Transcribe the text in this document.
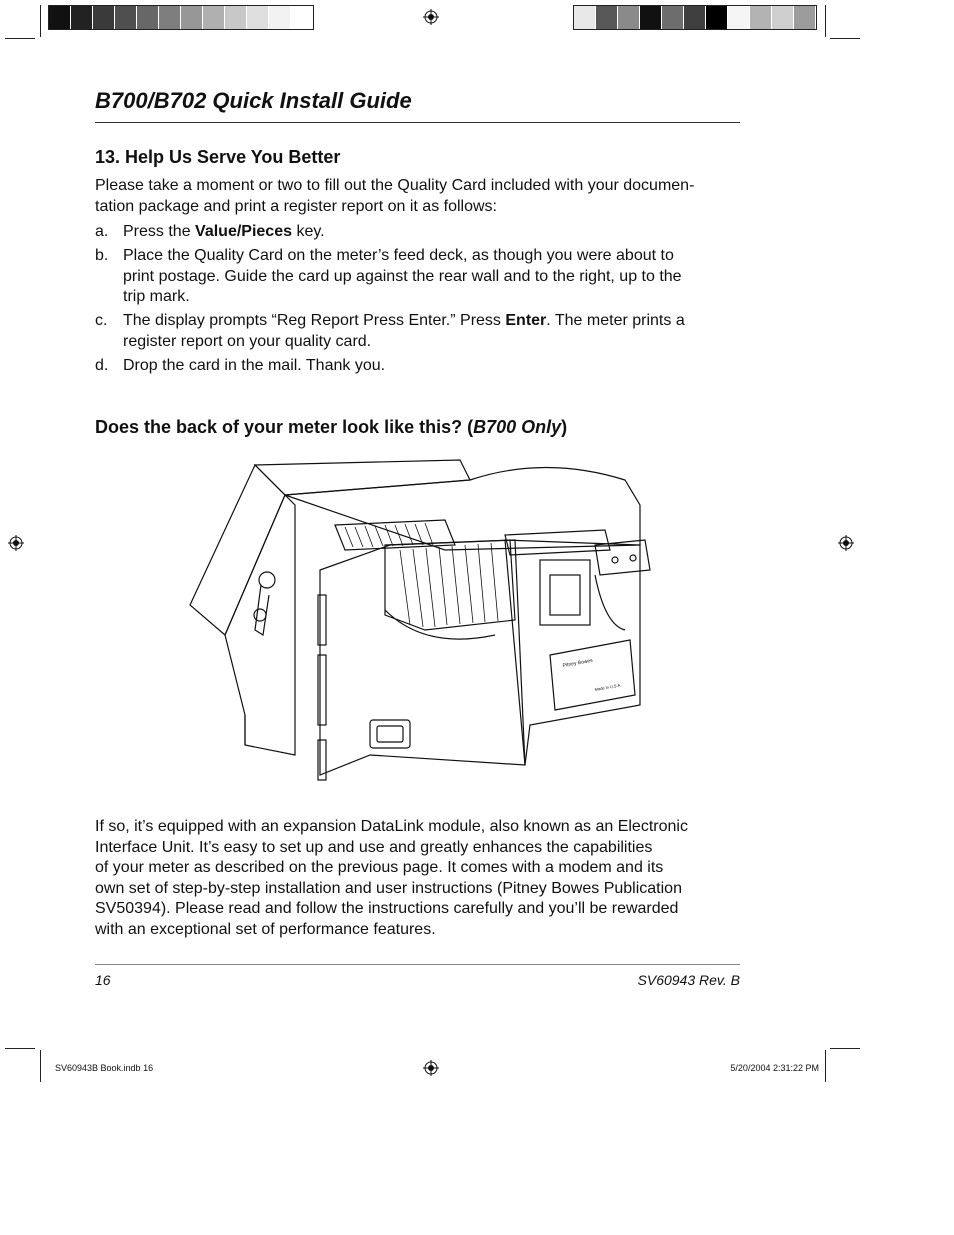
B700/B702 Quick Install Guide
13. Help Us Serve You Better
Please take a moment or two to fill out the Quality Card included with your documen-
tation package and print a register report on it as follows:
a. Press the Value/Pieces key.
b. Place the Quality Card on the meter’s feed deck, as though you were about to
print postage. Guide the card up against the rear wall and to the right, up to the
trip mark.
c. The display prompts “Reg Report Press Enter.” Press Enter. The meter prints a
register report on your quality card.
d. Drop the card in the mail. Thank you.
Does the back of your meter look like this? (B700 Only)
Pitney Bowes
Made in U.S.A.
If so, it’s equipped with an expansion DataLink module, also known as an Electronic
Interface Unit. It’s easy to set up and use and greatly enhances the capabilities
of your meter as described on the previous page. It comes with a modem and its
own set of step-by-step installation and user instructions (Pitney Bowes Publication
SV50394). Please read and follow the instructions carefully and you’ll be rewarded
with an exceptional set of performance features.
16	SV60943 Rev. B
SV60943B Book.indb 16	5/20/2004 2:31:22 PM
